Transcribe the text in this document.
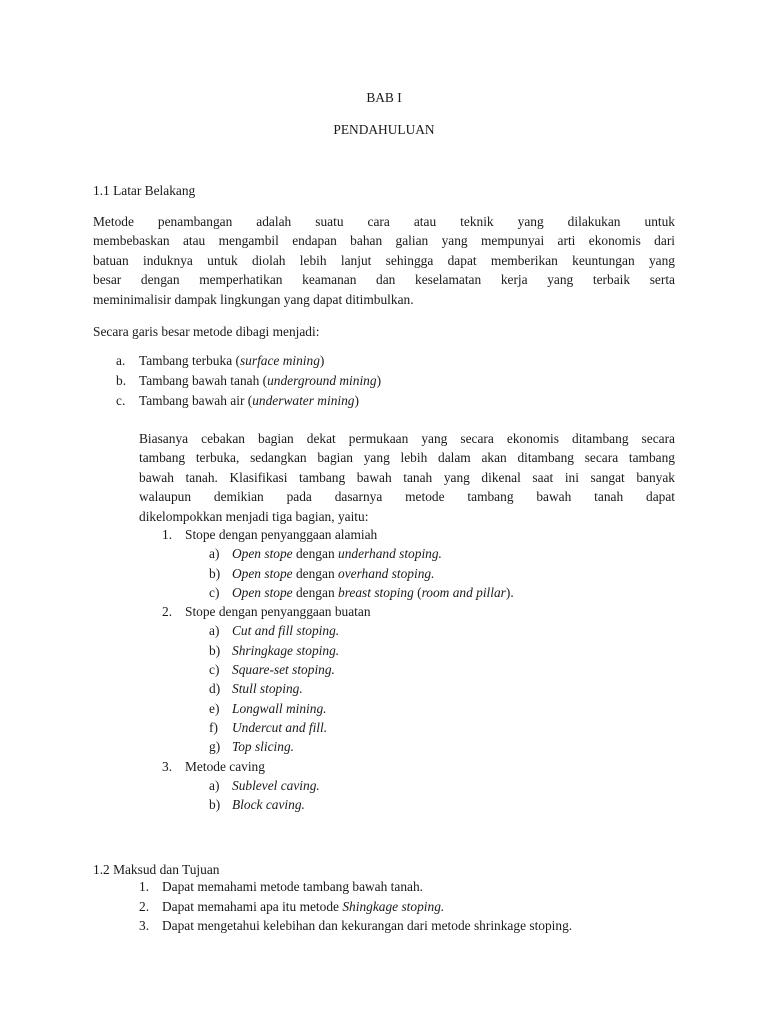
BAB I
PENDAHULUAN
1.1 Latar Belakang
Metode penambangan adalah suatu cara atau teknik yang dilakukan untuk
membebaskan atau mengambil endapan bahan galian yang mempunyai arti ekonomis dari
batuan induknya untuk diolah lebih lanjut sehingga dapat memberikan keuntungan yang
besar dengan memperhatikan keamanan dan keselamatan kerja yang terbaik serta
meminimalisir dampak lingkungan yang dapat ditimbulkan.
Secara garis besar metode dibagi menjadi:
a. Tambang terbuka (surface mining)
b. Tambang bawah tanah (underground mining)
c. Tambang bawah air (underwater mining)
Biasanya cebakan bagian dekat permukaan yang secara ekonomis ditambang secara
tambang terbuka, sedangkan bagian yang lebih dalam akan ditambang secara tambang
bawah tanah. Klasifikasi tambang bawah tanah yang dikenal saat ini sangat banyak
walaupun demikian pada dasarnya metode tambang bawah tanah dapat
dikelompokkan menjadi tiga bagian, yaitu:
1. Stope dengan penyanggaan alamiah
a) Open stope dengan underhand stoping.
b) Open stope dengan overhand stoping.
c) Open stope dengan breast stoping (room and pillar).
2. Stope dengan penyanggaan buatan
a) Cut and fill stoping.
b) Shringkage stoping.
c) Square-set stoping.
d) Stull stoping.
e) Longwall mining.
f) Undercut and fill.
g) Top slicing.
3. Metode caving
a) Sublevel caving.
b) Block caving.
1.2 Maksud dan Tujuan
1. Dapat memahami metode tambang bawah tanah.
2. Dapat memahami apa itu metode Shingkage stoping.
3. Dapat mengetahui kelebihan dan kekurangan dari metode shrinkage stoping.
